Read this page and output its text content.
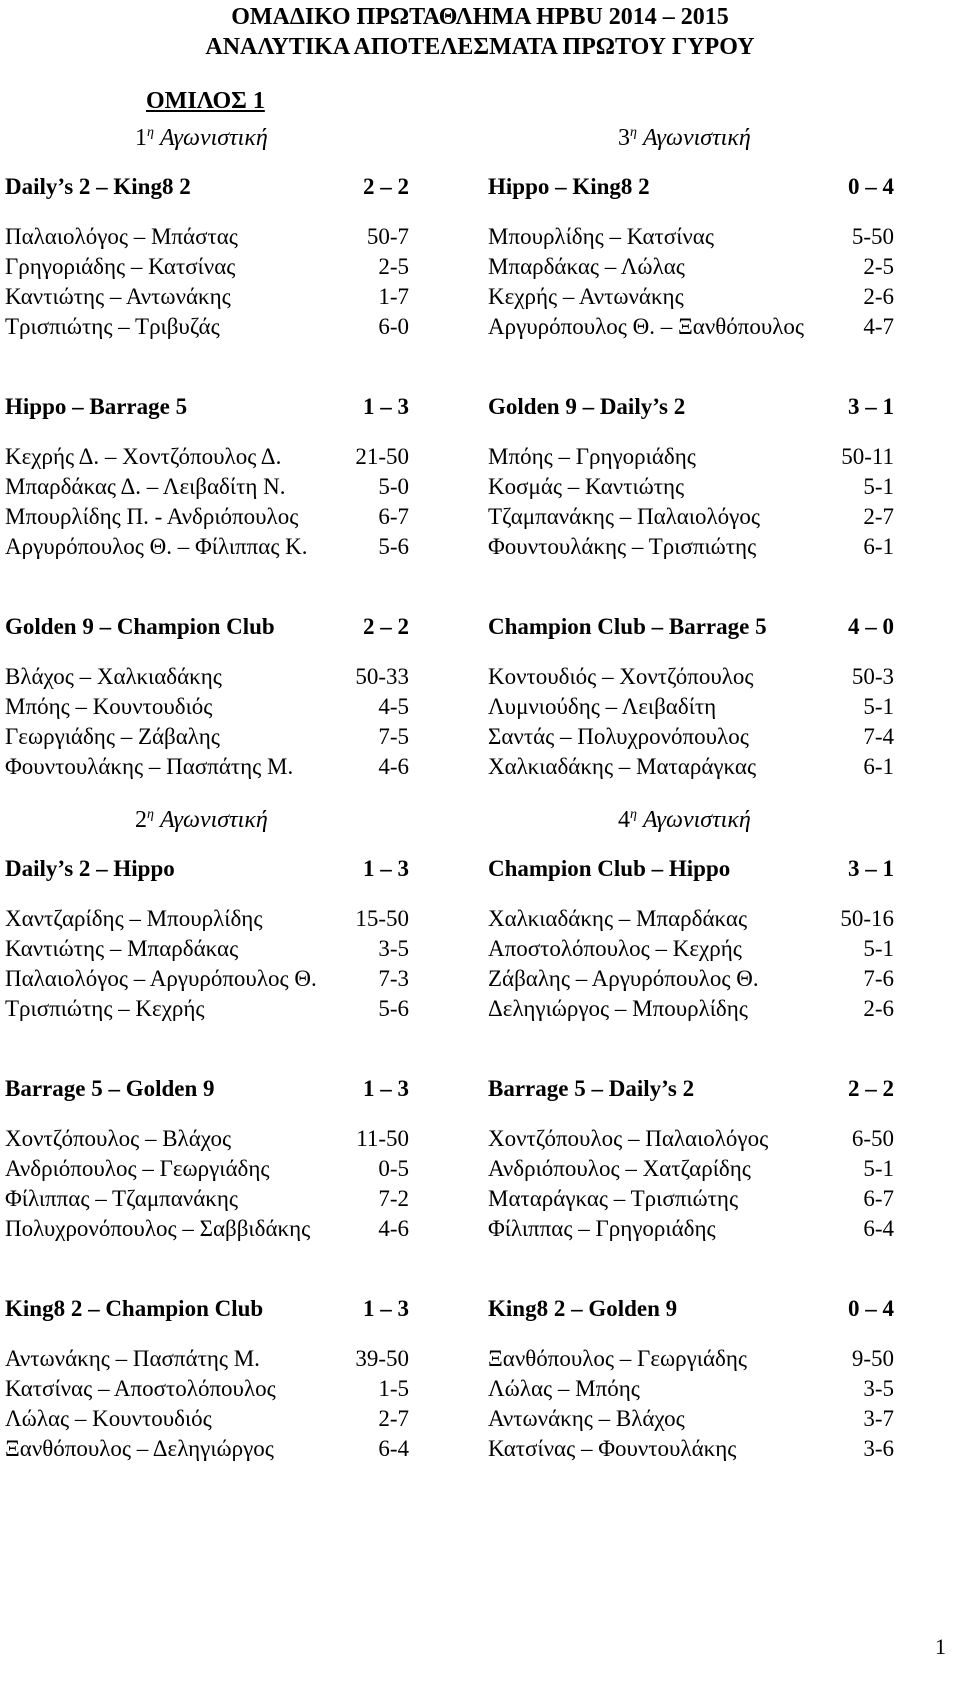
ΟΜΑΔΙΚΟ ΠΡΩΤΑΘΛΗΜΑ HPBU 2014 – 2015
ΑΝΑΛΥΤΙΚΑ ΑΠΟΤΕΛΕΣΜΑΤΑ ΠΡΩΤΟΥ ΓΥΡΟΥ
ΟΜΙΛΟΣ 1
$1^\eta$ Αγωνιστική	$3^\eta$ Αγωνιστική
$2^\eta$ Αγωνιστική	$4^\eta$ Αγωνιστική
Daily’s 2 – King8 2	2 – 2
Παλαιολόγος – Μπάστας	50-7
Γρηγοριάδης – Κατσίνας	2-5
Καντιώτης – Αντωνάκης	1-7
Τρισπιώτης – Τριβυζάς	6-0
Hippo – Barrage 5	1 – 3
Κεχρής Δ. – Χοντζόπουλος Δ.	21-50
Μπαρδάκας Δ. – Λειβαδίτη Ν.	5-0
Μπουρλίδης Π. - Ανδριόπουλος	6-7
Αργυρόπουλος Θ. – Φίλιππας Κ.	5-6
Golden 9 – Champion Club	2 – 2
Βλάχος – Χαλκιαδάκης	50-33
Μπόης – Κουντουδιός	4-5
Γεωργιάδης – Ζάβαλης	7-5
Φουντουλάκης – Πασπάτης Μ.	4-6
Daily’s 2 – Hippo	1 – 3
Χαντζαρίδης – Μπουρλίδης	15-50
Καντιώτης – Μπαρδάκας	3-5
Παλαιολόγος – Αργυρόπουλος Θ.	7-3
Τρισπιώτης – Κεχρής	5-6
Barrage 5 – Golden 9	1 – 3
Χοντζόπουλος – Βλάχος	11-50
Ανδριόπουλος – Γεωργιάδης	0-5
Φίλιππας – Τζαμπανάκης	7-2
Πολυχρονόπουλος – Σαββιδάκης	4-6
King8 2 – Champion Club	1 – 3
Αντωνάκης – Πασπάτης Μ.	39-50
Κατσίνας – Αποστολόπουλος	1-5
Λώλας – Κουντουδιός	2-7
Ξανθόπουλος – Δεληγιώργος	6-4
Hippo – King8 2	0 – 4
Μπουρλίδης – Κατσίνας	5-50
Μπαρδάκας – Λώλας	2-5
Κεχρής – Αντωνάκης	2-6
Αργυρόπουλος Θ. – Ξανθόπουλος	4-7
Golden 9 – Daily’s 2	3 – 1
Μπόης – Γρηγοριάδης	50-11
Κοσμάς – Καντιώτης	5-1
Τζαμπανάκης – Παλαιολόγος	2-7
Φουντουλάκης – Τρισπιώτης	6-1
Champion Club – Barrage 5	4 – 0
Κοντουδιός – Χοντζόπουλος	50-3
Λυμνιούδης – Λειβαδίτη	5-1
Σαντάς – Πολυχρονόπουλος	7-4
Χαλκιαδάκης – Ματαράγκας	6-1
Champion Club – Hippo	3 – 1
Χαλκιαδάκης – Μπαρδάκας	50-16
Αποστολόπουλος – Κεχρής	5-1
Ζάβαλης – Αργυρόπουλος Θ.	7-6
Δεληγιώργος – Μπουρλίδης	2-6
Barrage 5 – Daily’s 2	2 – 2
Χοντζόπουλος – Παλαιολόγος	6-50
Ανδριόπουλος – Χατζαρίδης	5-1
Ματαράγκας – Τρισπιώτης	6-7
Φίλιππας – Γρηγοριάδης	6-4
King8 2 – Golden 9	0 – 4
Ξανθόπουλος – Γεωργιάδης	9-50
Λώλας – Μπόης	3-5
Αντωνάκης – Βλάχος	3-7
Κατσίνας – Φουντουλάκης	3-6
1
